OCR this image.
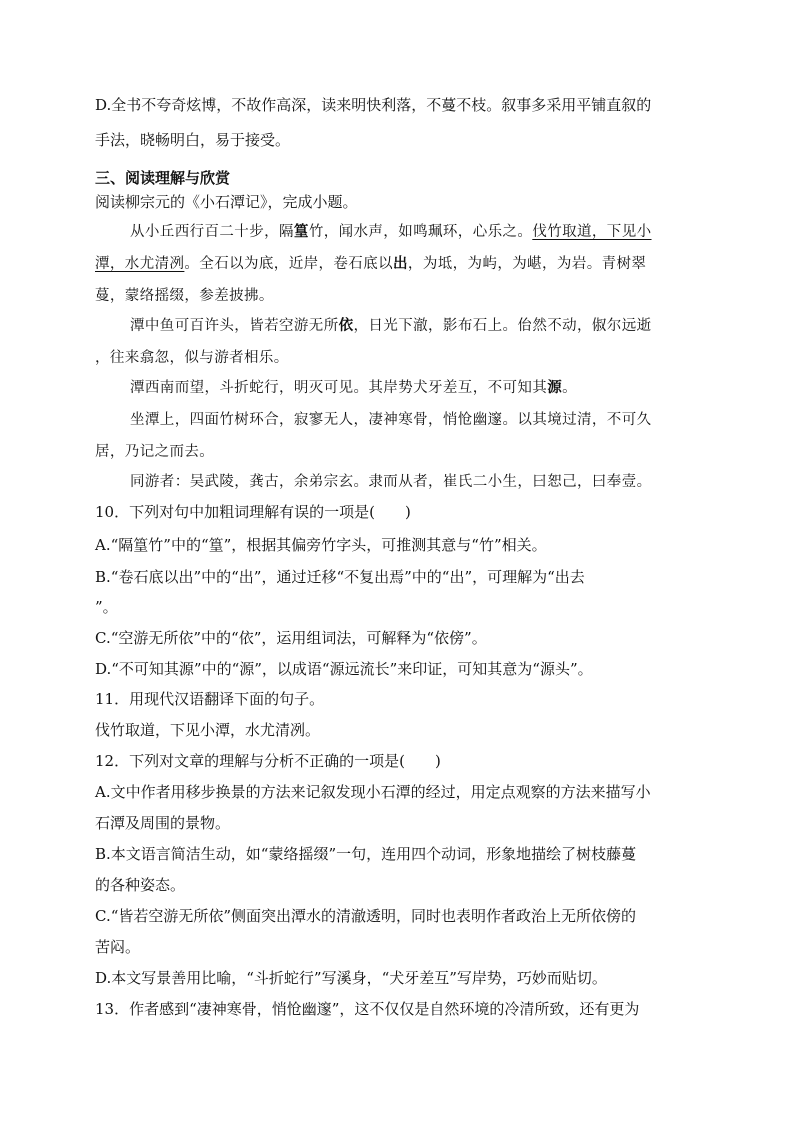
D.全书不夸奇炫博，不故作高深，读来明快利落，不蔓不枝。叙事多采用平铺直叙的
手法，晓畅明白，易于接受。
三、阅读理解与欣赏
阅读柳宗元的《小石潭记》，完成小题。
从小丘西行百二十步，隔篁竹，闻水声，如鸣珮环，心乐之。伐竹取道，下见小
潭，水尤清冽。全石以为底，近岸，卷石底以出，为坻，为屿，为嵁，为岩。青树翠
蔓，蒙络摇缀，参差披拂。
潭中鱼可百许头，皆若空游无所依，日光下澈，影布石上。佁然不动，俶尔远逝
，往来翕忽，似与游者相乐。
潭西南而望，斗折蛇行，明灭可见。其岸势犬牙差互，不可知其源。
坐潭上，四面竹树环合，寂寥无人，凄神寒骨，悄怆幽邃。以其境过清，不可久
居，乃记之而去。
同游者：吴武陵，龚古，余弟宗玄。隶而从者，崔氏二小生，曰恕己，曰奉壹。
10．下列对句中加粗词理解有误的一项是(　　)
A.“隔篁竹”中的“篁”，根据其偏旁竹字头，可推测其意与“竹”相关。
B.“卷石底以出”中的“出”，通过迁移“不复出焉”中的“出”，可理解为“出去
”。
C.“空游无所依”中的“依”，运用组词法，可解释为“依傍”。
D.“不可知其源”中的“源”，以成语“源远流长”来印证，可知其意为“源头”。
11．用现代汉语翻译下面的句子。
伐竹取道，下见小潭，水尤清冽。
12．下列对文章的理解与分析不正确的一项是(　　)
A.文中作者用移步换景的方法来记叙发现小石潭的经过，用定点观察的方法来描写小
石潭及周围的景物。
B.本文语言简洁生动，如“蒙络摇缀”一句，连用四个动词，形象地描绘了树枝藤蔓
的各种姿态。
C.“皆若空游无所依”侧面突出潭水的清澈透明，同时也表明作者政治上无所依傍的
苦闷。
D.本文写景善用比喻，“斗折蛇行”写溪身，“犬牙差互”写岸势，巧妙而贴切。
13．作者感到“凄神寒骨，悄怆幽邃”，这不仅仅是自然环境的冷清所致，还有更为
